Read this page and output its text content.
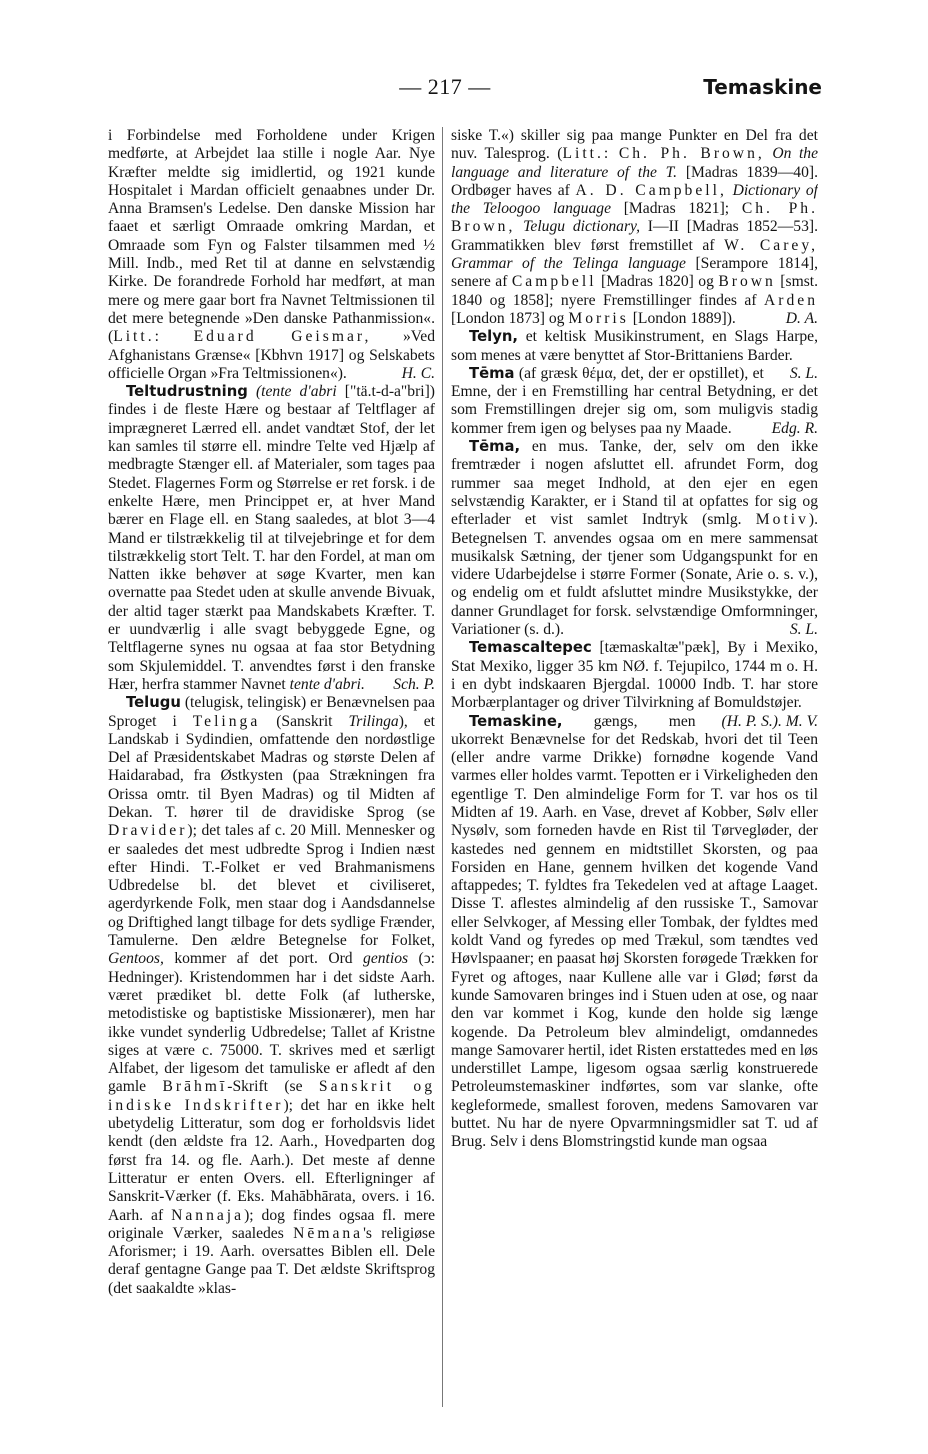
— 217 —	Temaskine

i Forbindelse med Forholdene under Krigen medførte, at Arbejdet laa stille i nogle Aar. Nye Kræfter meldte sig imidlertid, og 1921 kunde Hospitalet i Mardan officielt genaabnes under Dr. Anna Bramsen's Ledelse. Den danske Mission har faaet et særligt Omraade omkring Mardan, et Omraade som Fyn og Falster tilsammen med ½ Mill. Indb., med Ret til at danne en selvstændig Kirke. De forandrede Forhold har medført, at man mere og mere gaar bort fra Navnet Teltmissionen til det mere betegnende »Den danske Pathanmission«. (Litt.: Eduard Geismar, »Ved Afghanistans Grænse« [Kbhvn 1917] og Selskabets officielle Organ »Fra Teltmissionen«).	H. C.

Teltudrustning (tente d'abri ["tä.t-d-a"bri]) findes i de fleste Hære og bestaar af Teltflager af imprægneret Lærred ell. andet vandtæt Stof, der let kan samles til større ell. mindre Telte ved Hjælp af medbragte Stænger ell. af Materialer, som tages paa Stedet. Flagernes Form og Størrelse er ret forsk. i de enkelte Hære, men Princippet er, at hver Mand bærer en Flage ell. en Stang saaledes, at blot 3—4 Mand er tilstrækkelig til at tilvejebringe et for dem tilstrækkelig stort Telt. T. har den Fordel, at man om Natten ikke behøver at søge Kvarter, men kan overnatte paa Stedet uden at skulle anvende Bivuak, der altid tager stærkt paa Mandskabets Kræfter. T. er uundværlig i alle svagt bebyggede Egne, og Teltflagerne synes nu ogsaa at faa stor Betydning som Skjulemiddel. T. anvendtes først i den franske Hær, herfra stammer Navnet tente d'abri.	Sch. P.

Telugu (telugisk, telingisk) er Benævnelsen paa Sproget i Telinga (Sanskrit Trilinga), et Landskab i Sydindien, omfattende den nordøstlige Del af Præsidentskabet Madras og største Delen af Haidarabad, fra Østkysten (paa Strækningen fra Orissa omtr. til Byen Madras) og til Midten af Dekan. T. hører til de dravidiske Sprog (se Dravider); det tales af c. 20 Mill. Mennesker og er saaledes det mest udbredte Sprog i Indien næst efter Hindi. T.-Folket er ved Brahmanismens Udbredelse bl. det blevet et civiliseret, agerdyrkende Folk, men staar dog i Aandsdannelse og Driftighed langt tilbage for dets sydlige Frænder, Tamulerne. Den ældre Betegnelse for Folket, Gentoos, kommer af det port. Ord gentios (ↄ: Hedninger). Kristendommen har i det sidste Aarh. været prædiket bl. dette Folk (af lutherske, metodistiske og baptistiske Missionærer), men har ikke vundet synderlig Udbredelse; Tallet af Kristne siges at være c. 75000. T. skrives med et særligt Alfabet, der ligesom det tamuliske er afledt af den gamle Brāhmī-Skrift (se Sanskrit og indiske Indskrifter); det har en ikke helt ubetydelig Litteratur, som dog er forholdsvis lidet kendt (den ældste fra 12. Aarh., Hovedparten dog først fra 14. og fle. Aarh.). Det meste af denne Litteratur er enten Overs. ell. Efterligninger af Sanskrit-Værker (f. Eks. Mahābhārata, overs. i 16. Aarh. af Nannaja); dog findes ogsaa fl. mere originale Værker, saaledes Nēmana's religiøse Aforismer; i 19. Aarh. oversattes Biblen ell. Dele deraf gentagne Gange paa T. Det ældste Skriftsprog (det saakaldte »klas-

siske T.«) skiller sig paa mange Punkter en Del fra det nuv. Talesprog. (Litt.: Ch. Ph. Brown, On the language and literature of the T. [Madras 1839—40]. Ordbøger haves af A. D. Campbell, Dictionary of the Teloogoo language [Madras 1821]; Ch. Ph. Brown, Telugu dictionary, I—II [Madras 1852—53]. Grammatikken blev først fremstillet af W. Carey, Grammar of the Telinga language [Serampore 1814], senere af Campbell [Madras 1820] og Brown [smst. 1840 og 1858]; nyere Fremstillinger findes af Arden [London 1873] og Morris [London 1889]).	D. A.

Telyn, et keltisk Musikinstrument, en Slags Harpe, som menes at være benyttet af Stor-Brittaniens Barder.
S. L.

Tēma (af græsk θέμα, det, der er opstillet), et Emne, der i en Fremstilling har central Betydning, er det som Fremstillingen drejer sig om, som muligvis stadig kommer frem igen og belyses paa ny Maade.	Edg. R.

Tēma, en mus. Tanke, der, selv om den ikke fremtræder i nogen afsluttet ell. afrundet Form, dog rummer saa meget Indhold, at den ejer en egen selvstændig Karakter, er i Stand til at opfattes for sig og efterlader et vist samlet Indtryk (smlg. Motiv). Betegnelsen T. anvendes ogsaa om en mere sammensat musikalsk Sætning, der tjener som Udgangspunkt for en videre Udarbejdelse i større Former (Sonate, Arie o. s. v.), og endelig om et fuldt afsluttet mindre Musikstykke, der danner Grundlaget for forsk. selvstændige Omformninger, Variationer (s. d.).	S. L.

Temascaltepec [tæmaskaltæ"pæk], By i Mexiko, Stat Mexiko, ligger 35 km NØ. f. Tejupilco, 1744 m o. H. i en dybt indskaaren Bjergdal. 10000 Indb. T. har store Morbærplantager og driver Tilvirkning af Bomuldstøjer.
(H. P. S.). M. V.

Temaskine, gængs, men ukorrekt Benævnelse for det Redskab, hvori det til Teen (eller andre varme Drikke) fornødne kogende Vand varmes eller holdes varmt. Tepotten er i Virkeligheden den egentlige T. Den almindelige Form for T. var hos os til Midten af 19. Aarh. en Vase, drevet af Kobber, Sølv eller Nysølv, som forneden havde en Rist til Tørvegløder, der kastedes ned gennem en midtstillet Skorsten, og paa Forsiden en Hane, gennem hvilken det kogende Vand aftappedes; T. fyldtes fra Tekedelen ved at aftage Laaget. Disse T. aflestes almindelig af den russiske T., Samovar eller Selvkoger, af Messing eller Tombak, der fyldtes med koldt Vand og fyredes op med Trækul, som tændtes ved Høvlspaaner; en paasat høj Skorsten forøgede Trækken for Fyret og aftoges, naar Kullene alle var i Glød; først da kunde Samovaren bringes ind i Stuen uden at ose, og naar den var kommet i Kog, kunde den holde sig længe kogende. Da Petroleum blev almindeligt, omdannedes mange Samovarer hertil, idet Risten erstattedes med en løs understillet Lampe, ligesom ogsaa særlig konstruerede Petroleumstemaskiner indførtes, som var slanke, ofte kegleformede, smallest foroven, medens Samovaren var buttet. Nu har de nyere Opvarmningsmidler sat T. ud af Brug. Selv i dens Blomstringstid kunde man ogsaa
